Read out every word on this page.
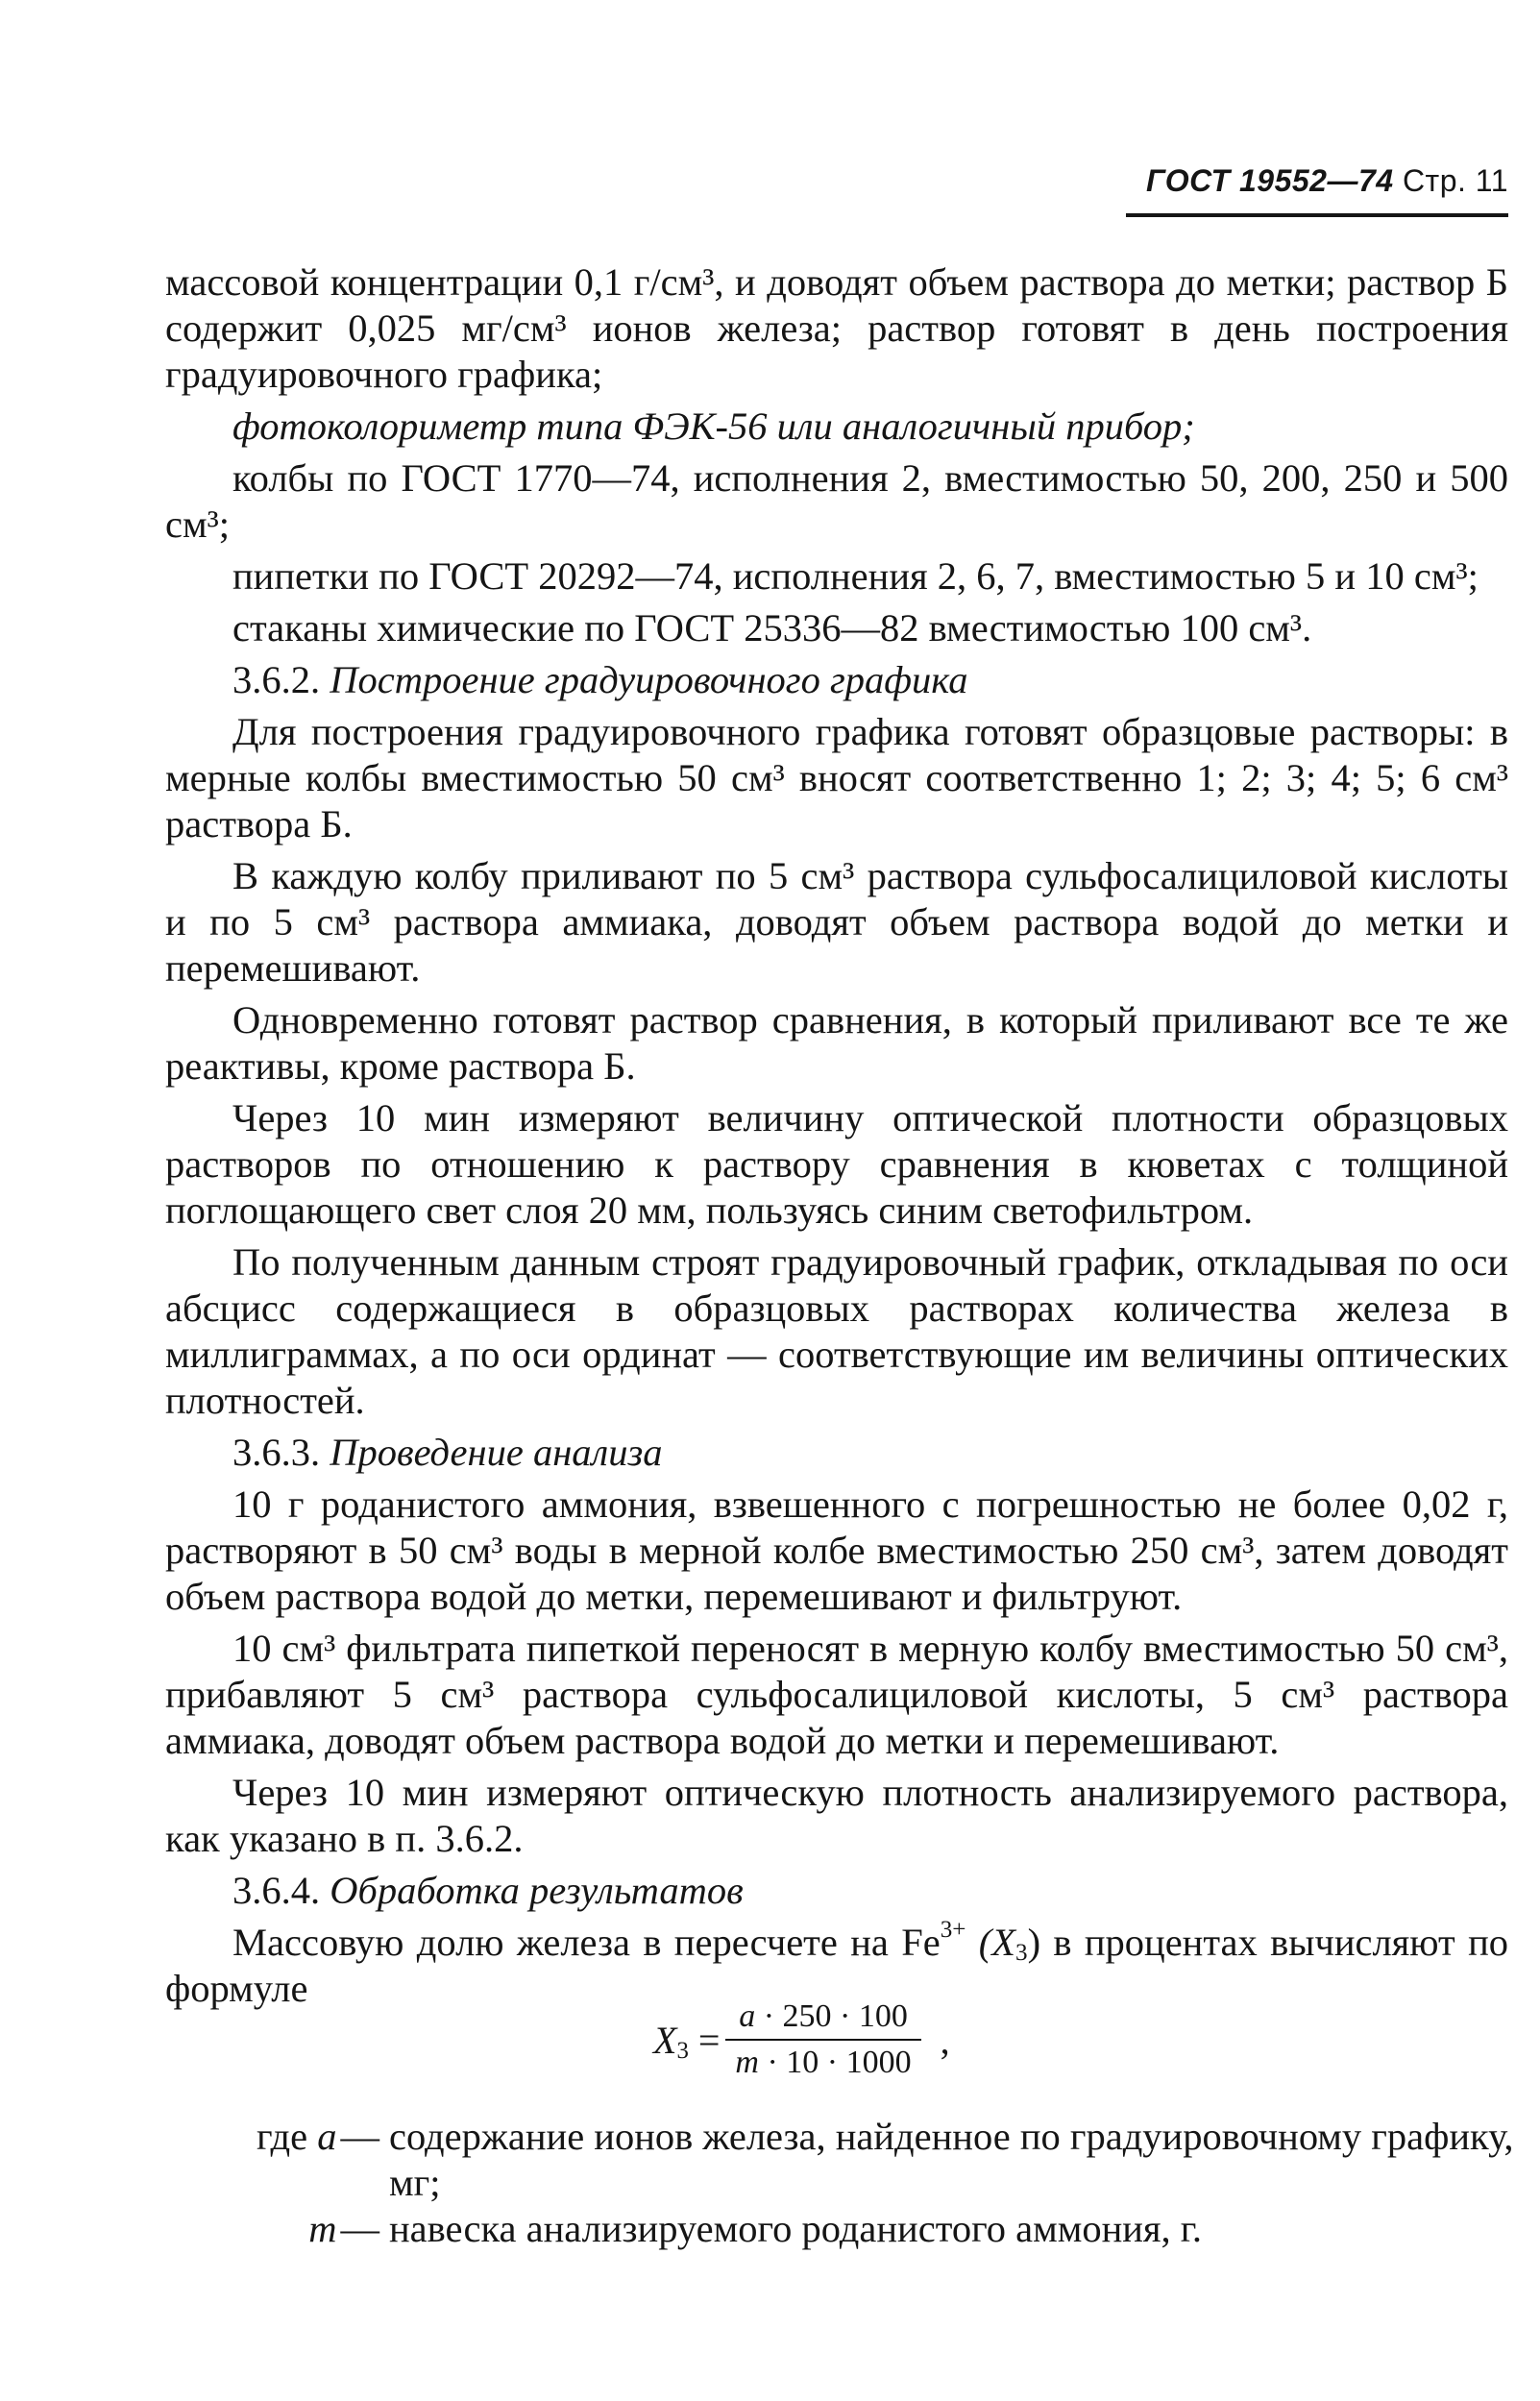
ГОСТ 19552—74 Стр. 11

массовой концентрации 0,1 г/см³, и доводят объем раствора до метки; раствор Б содержит 0,025 мг/см³ ионов железа; раствор готовят в день построения градуировочного графика;

фотоколориметр типа ФЭК-56 или аналогичный прибор;

колбы по ГОСТ 1770—74, исполнения 2, вместимостью 50, 200, 250 и 500 см³;

пипетки по ГОСТ 20292—74, исполнения 2, 6, 7, вместимостью 5 и 10 см³;

стаканы химические по ГОСТ 25336—82 вместимостью 100 см³.

3.6.2. Построение градуировочного графика

Для построения градуировочного графика готовят образцовые растворы: в мерные колбы вместимостью 50 см³ вносят соответственно 1; 2; 3; 4; 5; 6 см³ раствора Б.

В каждую колбу приливают по 5 см³ раствора сульфосалициловой кислоты и по 5 см³ раствора аммиака, доводят объем раствора водой до метки и перемешивают.

Одновременно готовят раствор сравнения, в который приливают все те же реактивы, кроме раствора Б.

Через 10 мин измеряют величину оптической плотности образцовых растворов по отношению к раствору сравнения в кюветах с толщиной поглощающего свет слоя 20 мм, пользуясь синим светофильтром.

По полученным данным строят градуировочный график, откладывая по оси абсцисс содержащиеся в образцовых растворах количества железа в миллиграммах, а по оси ординат — соответствующие им величины оптических плотностей.

3.6.3. Проведение анализа

10 г роданистого аммония, взвешенного с погрешностью не более 0,02 г, растворяют в 50 см³ воды в мерной колбе вместимостью 250 см³, затем доводят объем раствора водой до метки, перемешивают и фильтруют.

10 см³ фильтрата пипеткой переносят в мерную колбу вместимостью 50 см³, прибавляют 5 см³ раствора сульфосалициловой кислоты, 5 см³ раствора аммиака, доводят объем раствора водой до метки и перемешивают.

Через 10 мин измеряют оптическую плотность анализируемого раствора, как указано в п. 3.6.2.

3.6.4. Обработка результатов

Массовую долю железа в пересчете на $Fe^{3+}$ $(X_3)$ в процентах вычисляют по формуле

$X_3 = \frac{a \cdot 250 \cdot 100}{m \cdot 10 \cdot 1000}$ ,
где a— содержание ионов железа, найденное по градуировочному графику, мг;
m— навеска анализируемого роданистого аммония, г.
